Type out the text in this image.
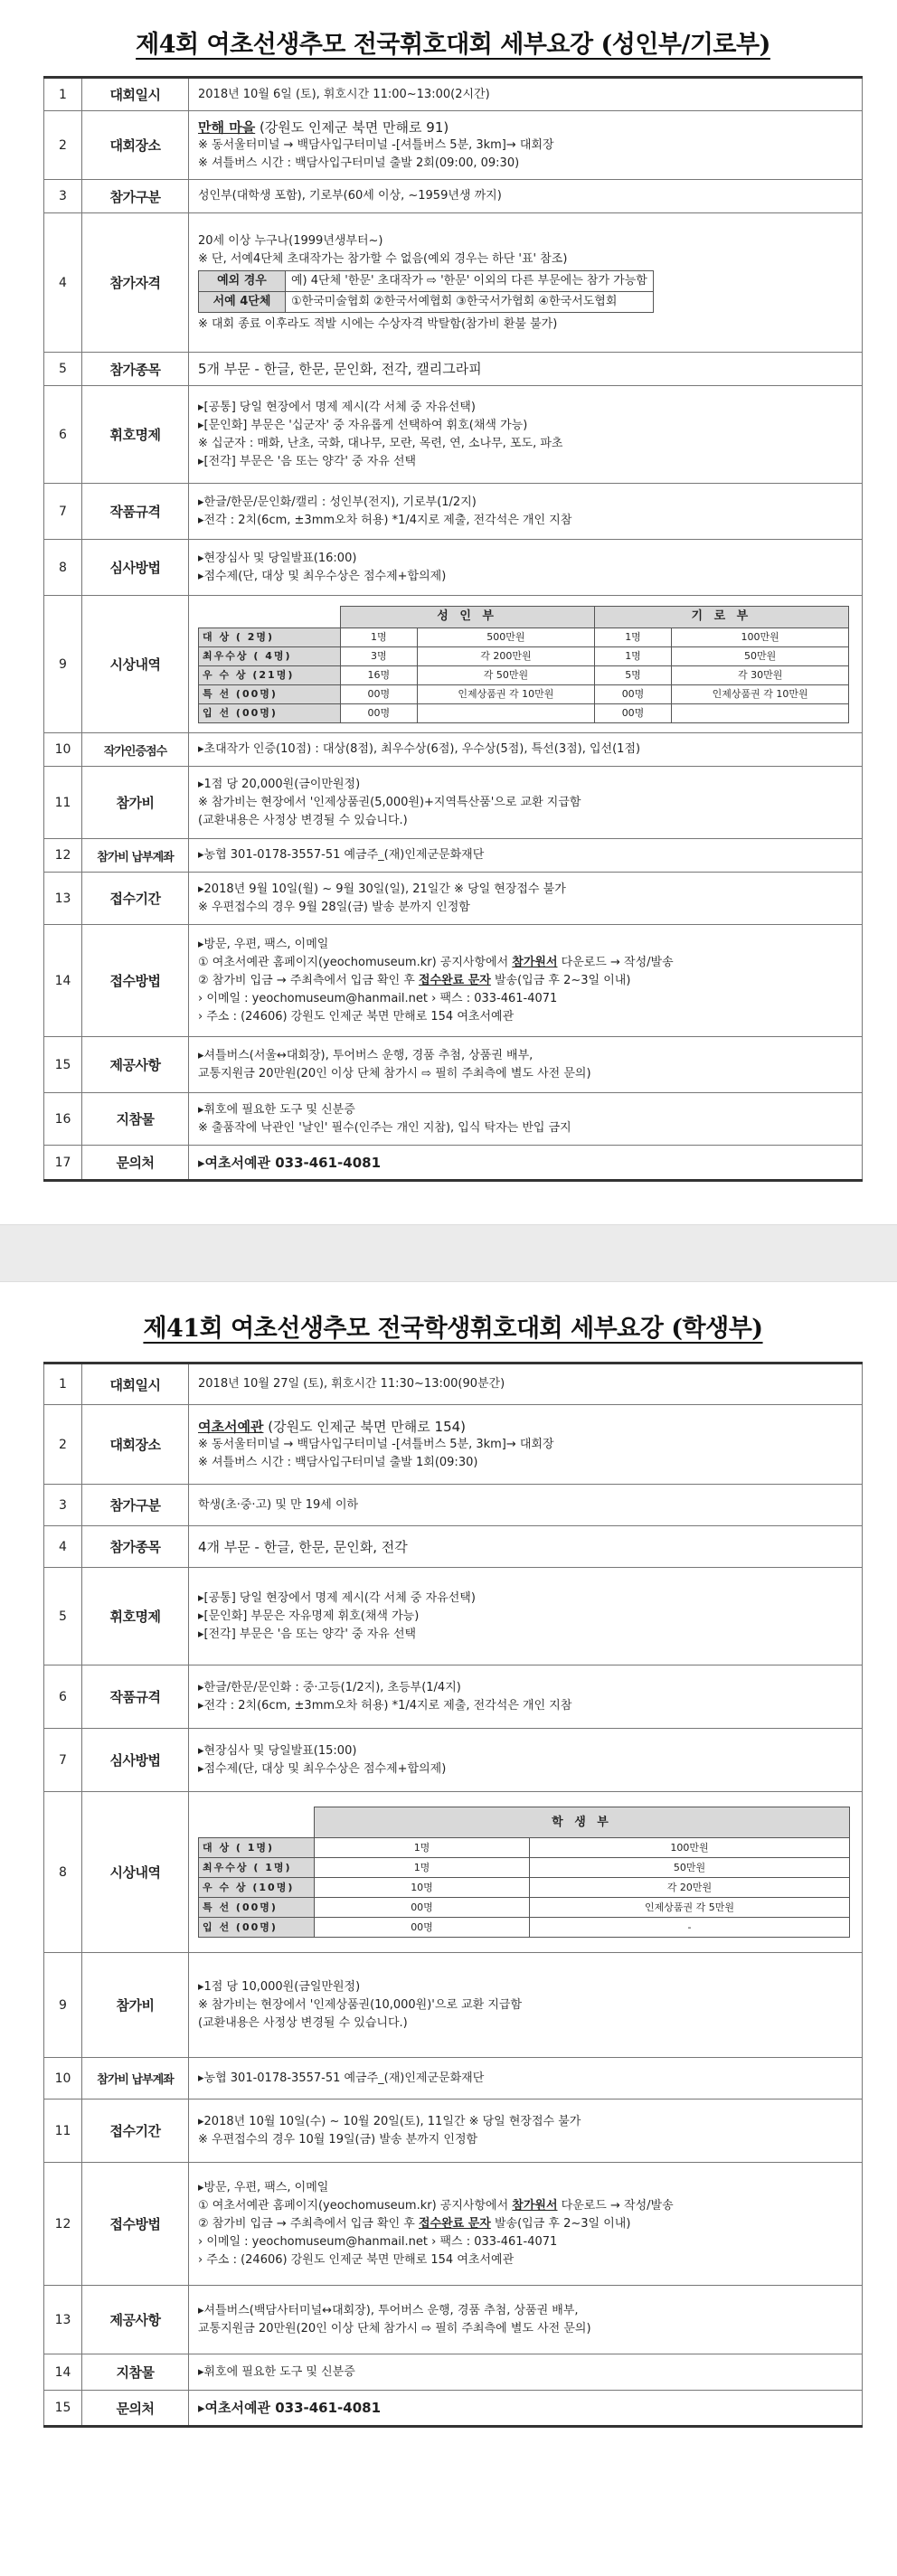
제4회 여초선생추모 전국휘호대회 세부요강 (성인부/기로부)
1	대회일시	2018년 10월 6일 (토), 휘호시간 11:00~13:00(2시간)

2	대회장소	
만해 마을 (강원도 인제군 북면 만해로 91)
※ 동서울터미널 → 백담사입구터미널 -[셔틀버스 5분, 3km]→ 대회장
※ 셔틀버스 시간 : 백담사입구터미널 출발 2회(09:00, 09:30)

3	참가구분	성인부(대학생 포함), 기로부(60세 이상, ~1959년생 까지)

4	참가자격	
20세 이상 누구나(1999년생부터~)
※ 단, 서예4단체 초대작가는 참가할 수 없음(예외 경우는 하단 '표' 참조)
예외 경우	예) 4단체 '한문' 초대작가 ⇨ '한문' 이외의 다른 부문에는 참가 가능함
서예 4단체	①한국미술협회 ②한국서예협회 ③한국서가협회 ④한국서도협회
※ 대회 종료 이후라도 적발 시에는 수상자격 박탈함(참가비 환불 불가)

5	참가종목	5개 부문 - 한글, 한문, 문인화, 전각, 캘리그라피

6	휘호명제	
▸[공통] 당일 현장에서 명제 제시(각 서체 중 자유선택)
▸[문인화] 부문은 '십군자' 중 자유롭게 선택하여 휘호(채색 가능)
※ 십군자 : 매화, 난초, 국화, 대나무, 모란, 목련, 연, 소나무, 포도, 파초
▸[전각] 부문은 '음 또는 양각' 중 자유 선택

7	작품규격	
▸한글/한문/문인화/캘리 : 성인부(전지), 기로부(1/2지)
▸전각 : 2치(6cm, ±3mm오차 허용) *1/4지로 제출, 전각석은 개인 지참

8	심사방법	
▸현장심사 및 당일발표(16:00)
▸점수제(단, 대상 및 최우수상은 점수제+합의제)

9	시상내역	
	성 인 부	기 로 부
대 상 ( 2명)	1명	500만원	1명	100만원
최우수상 ( 4명)	3명	각 200만원	1명	50만원
우 수 상 (21명)	16명	각 50만원	5명	각 30만원
특 선 (00명)	00명	인제상품권 각 10만원	00명	인제상품권 각 10만원
입 선 (00명)	00명		00명	

10	작가인증점수	▸초대작가 인증(10점) : 대상(8점), 최우수상(6점), 우수상(5점), 특선(3점), 입선(1점)

11	참가비	
▸1점 당 20,000원(금이만원정)
※ 참가비는 현장에서 '인제상품권(5,000원)+지역특산품'으로 교환 지급함
(교환내용은 사정상 변경될 수 있습니다.)

12	참가비 납부계좌	▸농협 301-0178-3557-51 예금주_(재)인제군문화재단

13	접수기간	
▸2018년 9월 10일(월) ~ 9월 30일(일), 21일간 ※ 당일 현장접수 불가
※ 우편접수의 경우 9월 28일(금) 발송 분까지 인정함

14	접수방법	
▸방문, 우편, 팩스, 이메일
① 여초서예관 홈페이지(yeochomuseum.kr) 공지사항에서 참가원서 다운로드 → 작성/발송
② 참가비 입금 → 주최측에서 입금 확인 후 접수완료 문자 발송(입금 후 2~3일 이내)
› 이메일 : yeochomuseum@hanmail.net › 팩스 : 033-461-4071
› 주소 : (24606) 강원도 인제군 북면 만해로 154 여초서예관

15	제공사항	
▸셔틀버스(서울↔대회장), 투어버스 운행, 경품 추첨, 상품권 배부,
교통지원금 20만원(20인 이상 단체 참가시 ⇨ 필히 주최측에 별도 사전 문의)

16	지참물	
▸휘호에 필요한 도구 및 신분증
※ 출품작에 낙관인 '날인' 필수(인주는 개인 지참), 입식 탁자는 반입 금지

17	문의처	▸여초서예관 033-461-4081
제41회 여초선생추모 전국학생휘호대회 세부요강 (학생부)
1	대회일시	2018년 10월 27일 (토), 휘호시간 11:30~13:00(90분간)

2	대회장소	
여초서예관 (강원도 인제군 북면 만해로 154)
※ 동서울터미널 → 백담사입구터미널 -[셔틀버스 5분, 3km]→ 대회장
※ 셔틀버스 시간 : 백담사입구터미널 출발 1회(09:30)

3	참가구분	학생(초·중·고) 및 만 19세 이하

4	참가종목	4개 부문 - 한글, 한문, 문인화, 전각

5	휘호명제	
▸[공통] 당일 현장에서 명제 제시(각 서체 중 자유선택)
▸[문인화] 부문은 자유명제 휘호(채색 가능)
▸[전각] 부문은 '음 또는 양각' 중 자유 선택

6	작품규격	
▸한글/한문/문인화 : 중·고등(1/2지), 초등부(1/4지)
▸전각 : 2치(6cm, ±3mm오차 허용) *1/4지로 제출, 전각석은 개인 지참

7	심사방법	
▸현장심사 및 당일발표(15:00)
▸점수제(단, 대상 및 최우수상은 점수제+합의제)

8	시상내역	
	학 생 부
대 상 ( 1명)	1명	100만원
최우수상 ( 1명)	1명	50만원
우 수 상 (10명)	10명	각 20만원
특 선 (00명)	00명	인제상품권 각 5만원
입 선 (00명)	00명	-

9	참가비	
▸1점 당 10,000원(금일만원정)
※ 참가비는 현장에서 '인제상품권(10,000원)'으로 교환 지급함
(교환내용은 사정상 변경될 수 있습니다.)

10	참가비 납부계좌	▸농협 301-0178-3557-51 예금주_(재)인제군문화재단

11	접수기간	
▸2018년 10월 10일(수) ~ 10월 20일(토), 11일간 ※ 당일 현장접수 불가
※ 우편접수의 경우 10월 19일(금) 발송 분까지 인정함

12	접수방법	
▸방문, 우편, 팩스, 이메일
① 여초서예관 홈페이지(yeochomuseum.kr) 공지사항에서 참가원서 다운로드 → 작성/발송
② 참가비 입금 → 주최측에서 입금 확인 후 접수완료 문자 발송(입금 후 2~3일 이내)
› 이메일 : yeochomuseum@hanmail.net › 팩스 : 033-461-4071
› 주소 : (24606) 강원도 인제군 북면 만해로 154 여초서예관

13	제공사항	
▸셔틀버스(백담사터미널↔대회장), 투어버스 운행, 경품 추첨, 상품권 배부,
교통지원금 20만원(20인 이상 단체 참가시 ⇨ 필히 주최측에 별도 사전 문의)

14	지참물	▸휘호에 필요한 도구 및 신분증

15	문의처	▸여초서예관 033-461-4081
